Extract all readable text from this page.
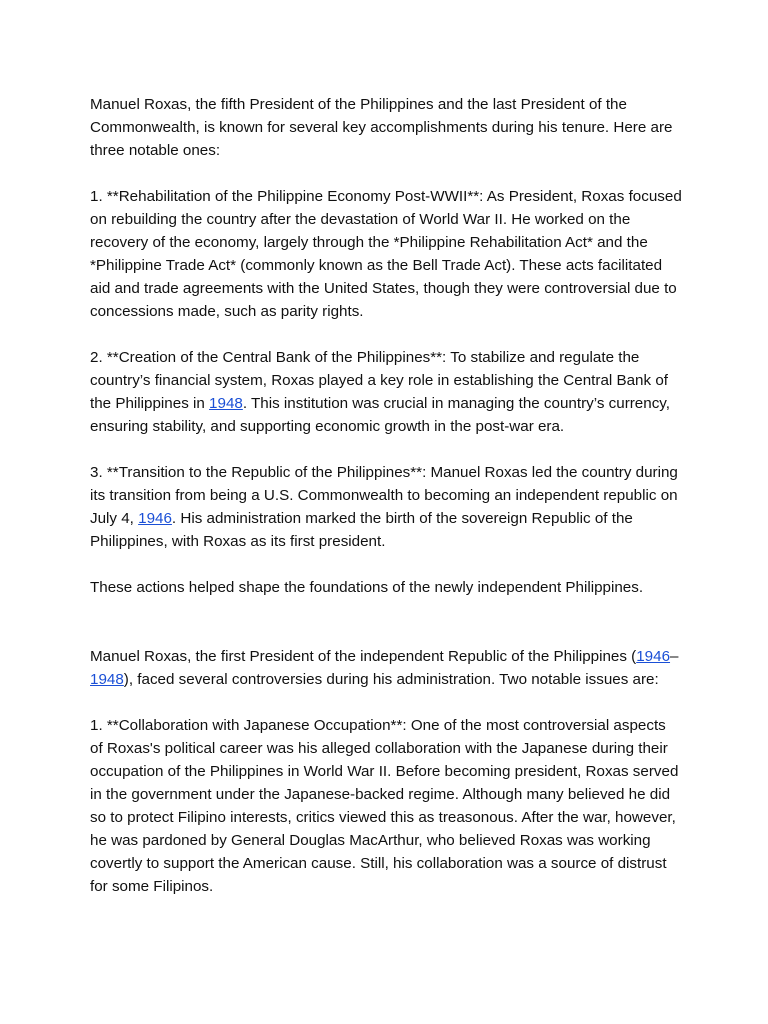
Manuel Roxas, the fifth President of the Philippines and the last President of the Commonwealth, is known for several key accomplishments during his tenure. Here are three notable ones:

1. **Rehabilitation of the Philippine Economy Post-WWII**: As President, Roxas focused on rebuilding the country after the devastation of World War II. He worked on the recovery of the economy, largely through the *Philippine Rehabilitation Act* and the *Philippine Trade Act* (commonly known as the Bell Trade Act). These acts facilitated aid and trade agreements with the United States, though they were controversial due to concessions made, such as parity rights.

2. **Creation of the Central Bank of the Philippines**: To stabilize and regulate the country’s financial system, Roxas played a key role in establishing the Central Bank of the Philippines in 1948. This institution was crucial in managing the country’s currency, ensuring stability, and supporting economic growth in the post-war era.

3. **Transition to the Republic of the Philippines**: Manuel Roxas led the country during its transition from being a U.S. Commonwealth to becoming an independent republic on July 4, 1946. His administration marked the birth of the sovereign Republic of the Philippines, with Roxas as its first president.

These actions helped shape the foundations of the newly independent Philippines.

Manuel Roxas, the first President of the independent Republic of the Philippines (1946–1948), faced several controversies during his administration. Two notable issues are:

1. **Collaboration with Japanese Occupation**: One of the most controversial aspects of Roxas's political career was his alleged collaboration with the Japanese during their occupation of the Philippines in World War II. Before becoming president, Roxas served in the government under the Japanese-backed regime. Although many believed he did so to protect Filipino interests, critics viewed this as treasonous. After the war, however, he was pardoned by General Douglas MacArthur, who believed Roxas was working covertly to support the American cause. Still, his collaboration was a source of distrust for some Filipinos.
